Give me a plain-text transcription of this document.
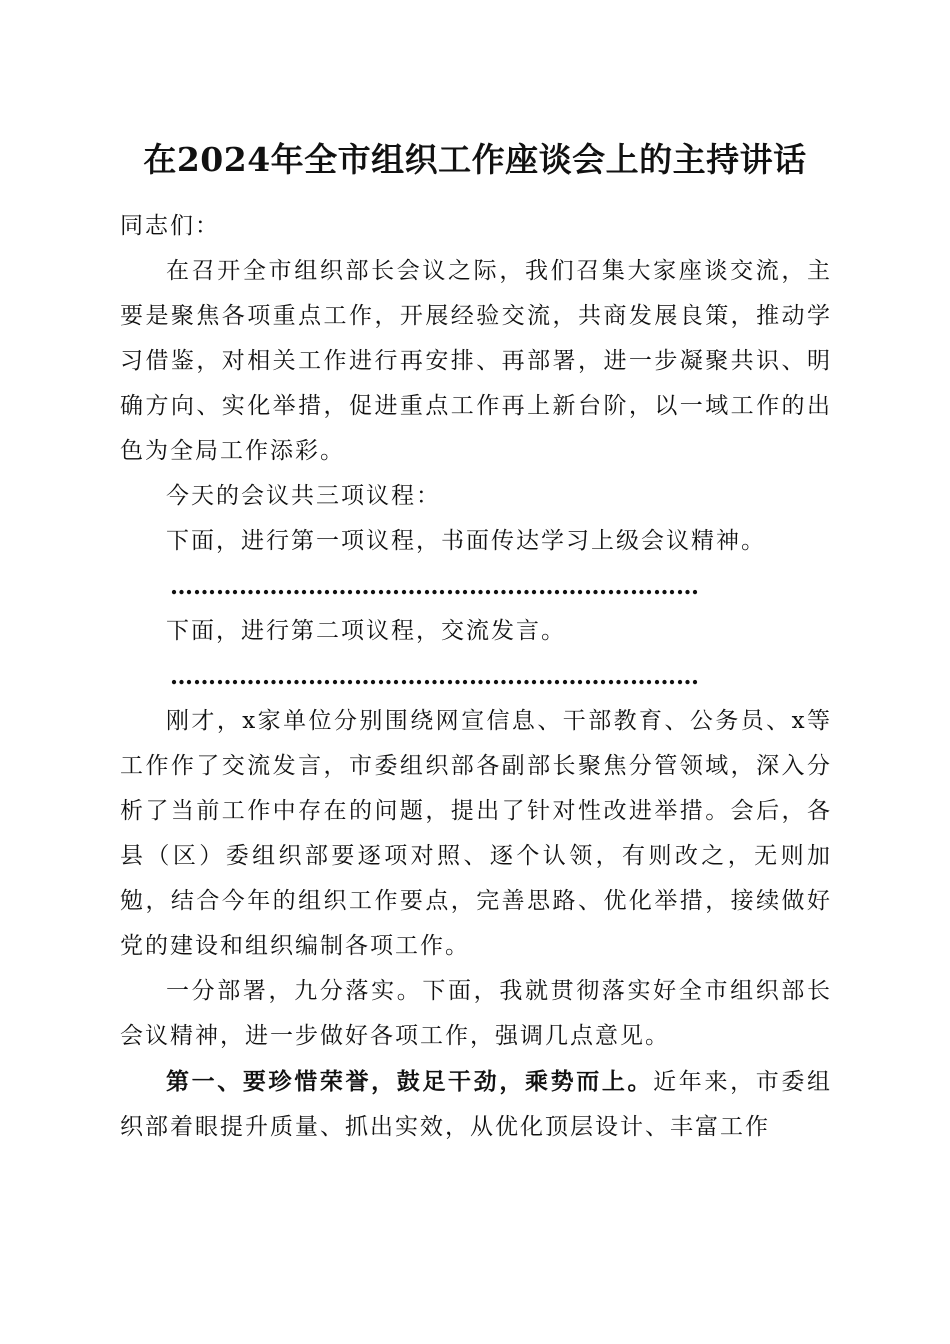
在2024年全市组织工作座谈会上的主持讲话

同志们：

在召开全市组织部长会议之际，我们召集大家座谈交流，主要是聚焦各项重点工作，开展经验交流，共商发展良策，推动学习借鉴，对相关工作进行再安排、再部署，进一步凝聚共识、明确方向、实化举措，促进重点工作再上新台阶，以一域工作的出色为全局工作添彩。

今天的会议共三项议程：

下面，进行第一项议程，书面传达学习上级会议精神。

……………………………………………………………

下面，进行第二项议程，交流发言。

……………………………………………………………

刚才，x家单位分别围绕网宣信息、干部教育、公务员、x等工作作了交流发言，市委组织部各副部长聚焦分管领域，深入分析了当前工作中存在的问题，提出了针对性改进举措。会后，各县（区）委组织部要逐项对照、逐个认领，有则改之，无则加勉，结合今年的组织工作要点，完善思路、优化举措，接续做好党的建设和组织编制各项工作。

一分部署，九分落实。下面，我就贯彻落实好全市组织部长会议精神，进一步做好各项工作，强调几点意见。

第一、要珍惜荣誉，鼓足干劲，乘势而上。近年来，市委组织部着眼提升质量、抓出实效，从优化顶层设计、丰富工作
